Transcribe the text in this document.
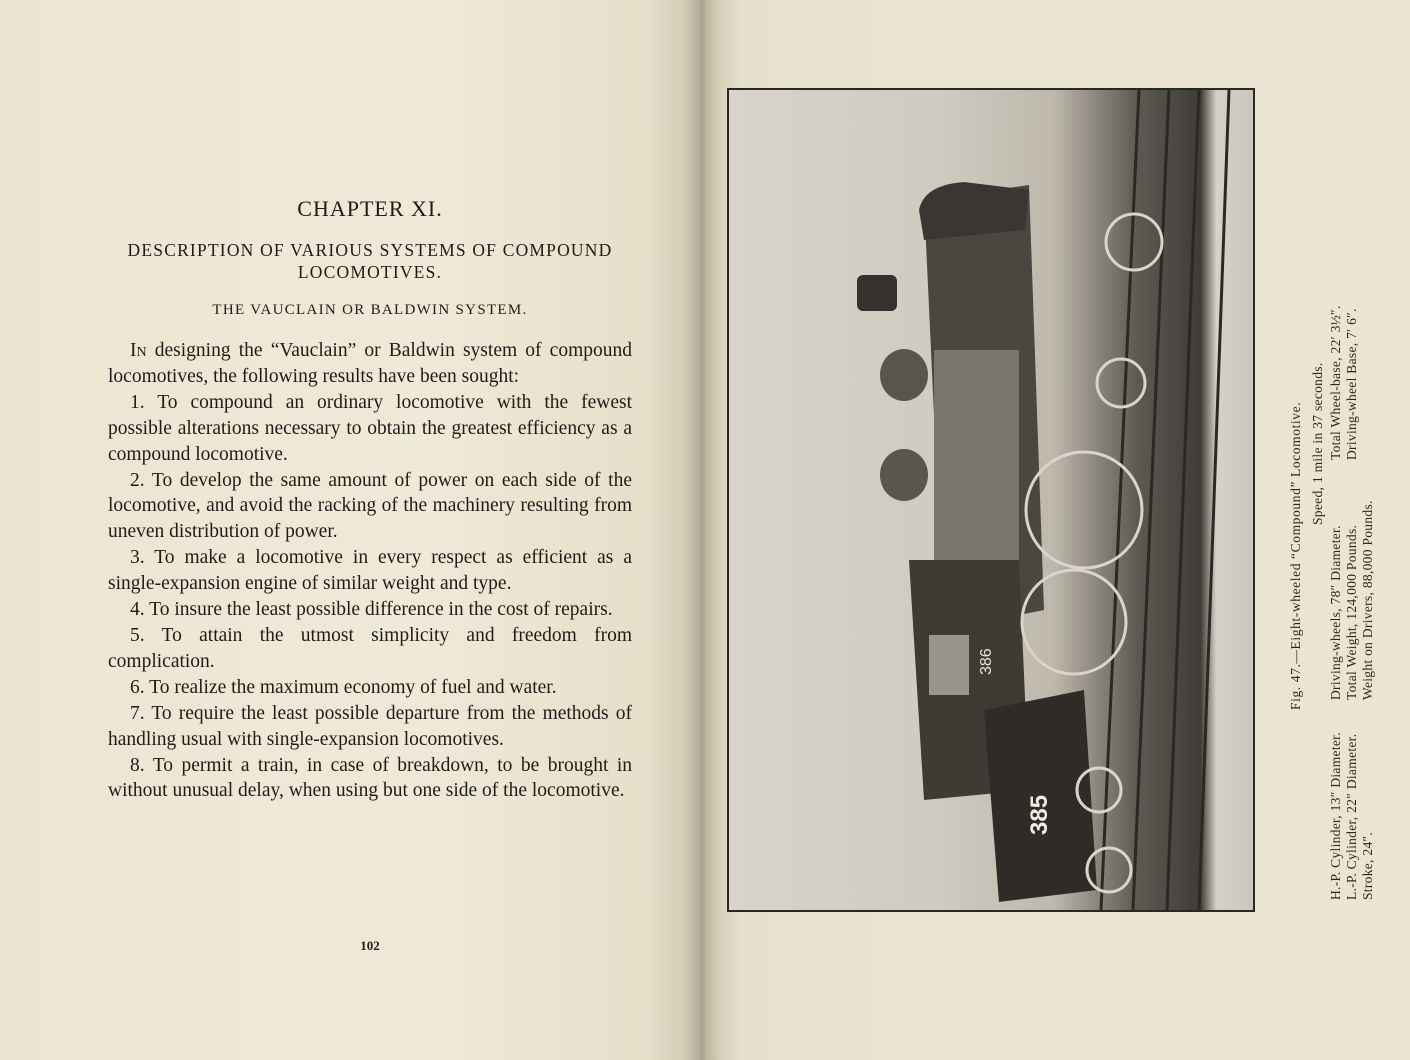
CHAPTER XI.
DESCRIPTION OF VARIOUS SYSTEMS OF COMPOUND LOCOMOTIVES.
THE VAUCLAIN OR BALDWIN SYSTEM.

In designing the “Vauclain” or Baldwin system of compound locomotives, the following results have been sought:

1. To compound an ordinary locomotive with the fewest possible alterations necessary to obtain the greatest efficiency as a compound locomotive.

2. To develop the same amount of power on each side of the locomotive, and avoid the racking of the machinery resulting from uneven distribution of power.

3. To make a locomotive in every respect as efficient as a single-expansion engine of similar weight and type.

4. To insure the least possible difference in the cost of repairs.

5. To attain the utmost simplicity and freedom from complication.

6. To realize the maximum economy of fuel and water.

7. To require the least possible departure from the methods of handling usual with single-expansion locomotives.

8. To permit a train, in case of breakdown, to be brought in without unusual delay, when using but one side of the locomotive.

102
386
385
Fig. 47.—Eight-wheeled “Compound” Locomotive. Speed, 1 mile in 37 seconds.
H.-P. Cylinder, 13″ Diameter. L.-P. Cylinder, 22″ Diameter. Stroke, 24″.
Driving-wheels, 78″ Diameter. Total Weight, 124,000 Pounds. Weight on Drivers, 88,000 Pounds.
Total Wheel-base, 22′ 3½″. Driving-wheel Base, 7′ 6″.
